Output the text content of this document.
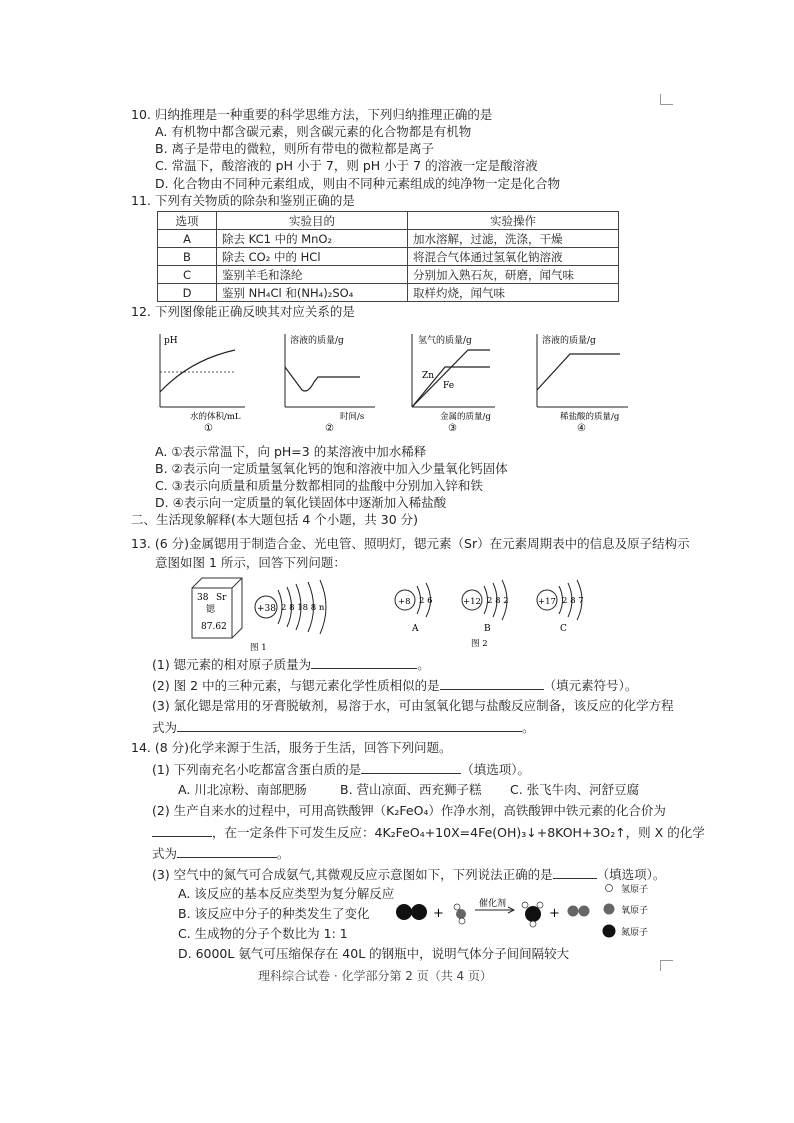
10. 归纳推理是一种重要的科学思维方法，下列归纳推理正确的是
A. 有机物中都含碳元素，则含碳元素的化合物都是有机物
B. 离子是带电的微粒，则所有带电的微粒都是离子
C. 常温下，酸溶液的 pH 小于 7，则 pH 小于 7 的溶液一定是酸溶液
D. 化合物由不同种元素组成，则由不同种元素组成的纯净物一定是化合物
11. 下列有关物质的除杂和鉴别正确的是
选项	实验目的	实验操作
A	除去 KC1 中的 MnO₂	加水溶解，过滤，洗涤，干燥
B	除去 CO₂ 中的 HCl	将混合气体通过氢氧化钠溶液
C	鉴别羊毛和涤纶	分别加入熟石灰，研磨，闻气味
D	鉴别 NH₄Cl 和(NH₄)₂SO₄	取样灼烧，闻气味
12. 下列图像能正确反映其对应关系的是
pH
水的体积/mL
①
溶液的质量/g
时间/s
②
氢气的质量/g
Zn
Fe
金属的质量/g
③
溶液的质量/g
稀盐酸的质量/g
④
A. ①表示常温下，向 pH=3 的某溶液中加水稀释
B. ②表示向一定质量氢氧化钙的饱和溶液中加入少量氧化钙固体
C. ③表示向质量和质量分数都相同的盐酸中分别加入锌和铁
D. ④表示向一定质量的氧化镁固体中逐渐加入稀盐酸
二、生活现象解释(本大题包括 4 个小题，共 30 分)
13. (6 分)金属锶用于制造合金、光电管、照明灯，锶元素（Sr）在元素周期表中的信息及原子结构示
意图如图 1 所示，回答下列问题：
38 Sr
锶
87.62
+38 2 8 18 8 n
图 1
+8 2 6
A
+12 2 8 2
B
图 2
+17 2 8 7
C
(1) 锶元素的相对原子质量为	。
(2) 图 2 中的三种元素，与锶元素化学性质相似的是	（填元素符号）。
(3) 氯化锶是常用的牙膏脱敏剂，易溶于水，可由氢氧化锶与盐酸反应制备，该反应的化学方程
式为	。
14. (8 分)化学来源于生活，服务于生活，回答下列问题。
(1) 下列南充名小吃都富含蛋白质的是	（填选项）。
A. 川北凉粉、南部肥肠	B. 营山凉面、西充狮子糕 C. 张飞牛肉、河舒豆腐
(2) 生产自来水的过程中，可用高铁酸钾（K₂FeO₄）作净水剂，高铁酸钾中铁元素的化合价为
，在一定条件下可发生反应：4K₂FeO₄+10X=4Fe(OH)₃↓+8KOH+3O₂↑，则 X 的化学
式为	。
(3) 空气中的氮气可合成氨气,其微观反应示意图如下，下列说法正确的是	（填选项）。
A. 该反应的基本反应类型为复分解反应
B. 该反应中分子的种类发生了变化
C. 生成物的分子个数比为 1: 1
D. 6000L 氨气可压缩保存在 40L 的钢瓶中，说明气体分子间间隔较大
+
催化剂
+
氢原子
氧原子
氮原子
理科综合试卷 · 化学部分第 2 页（共 4 页）
